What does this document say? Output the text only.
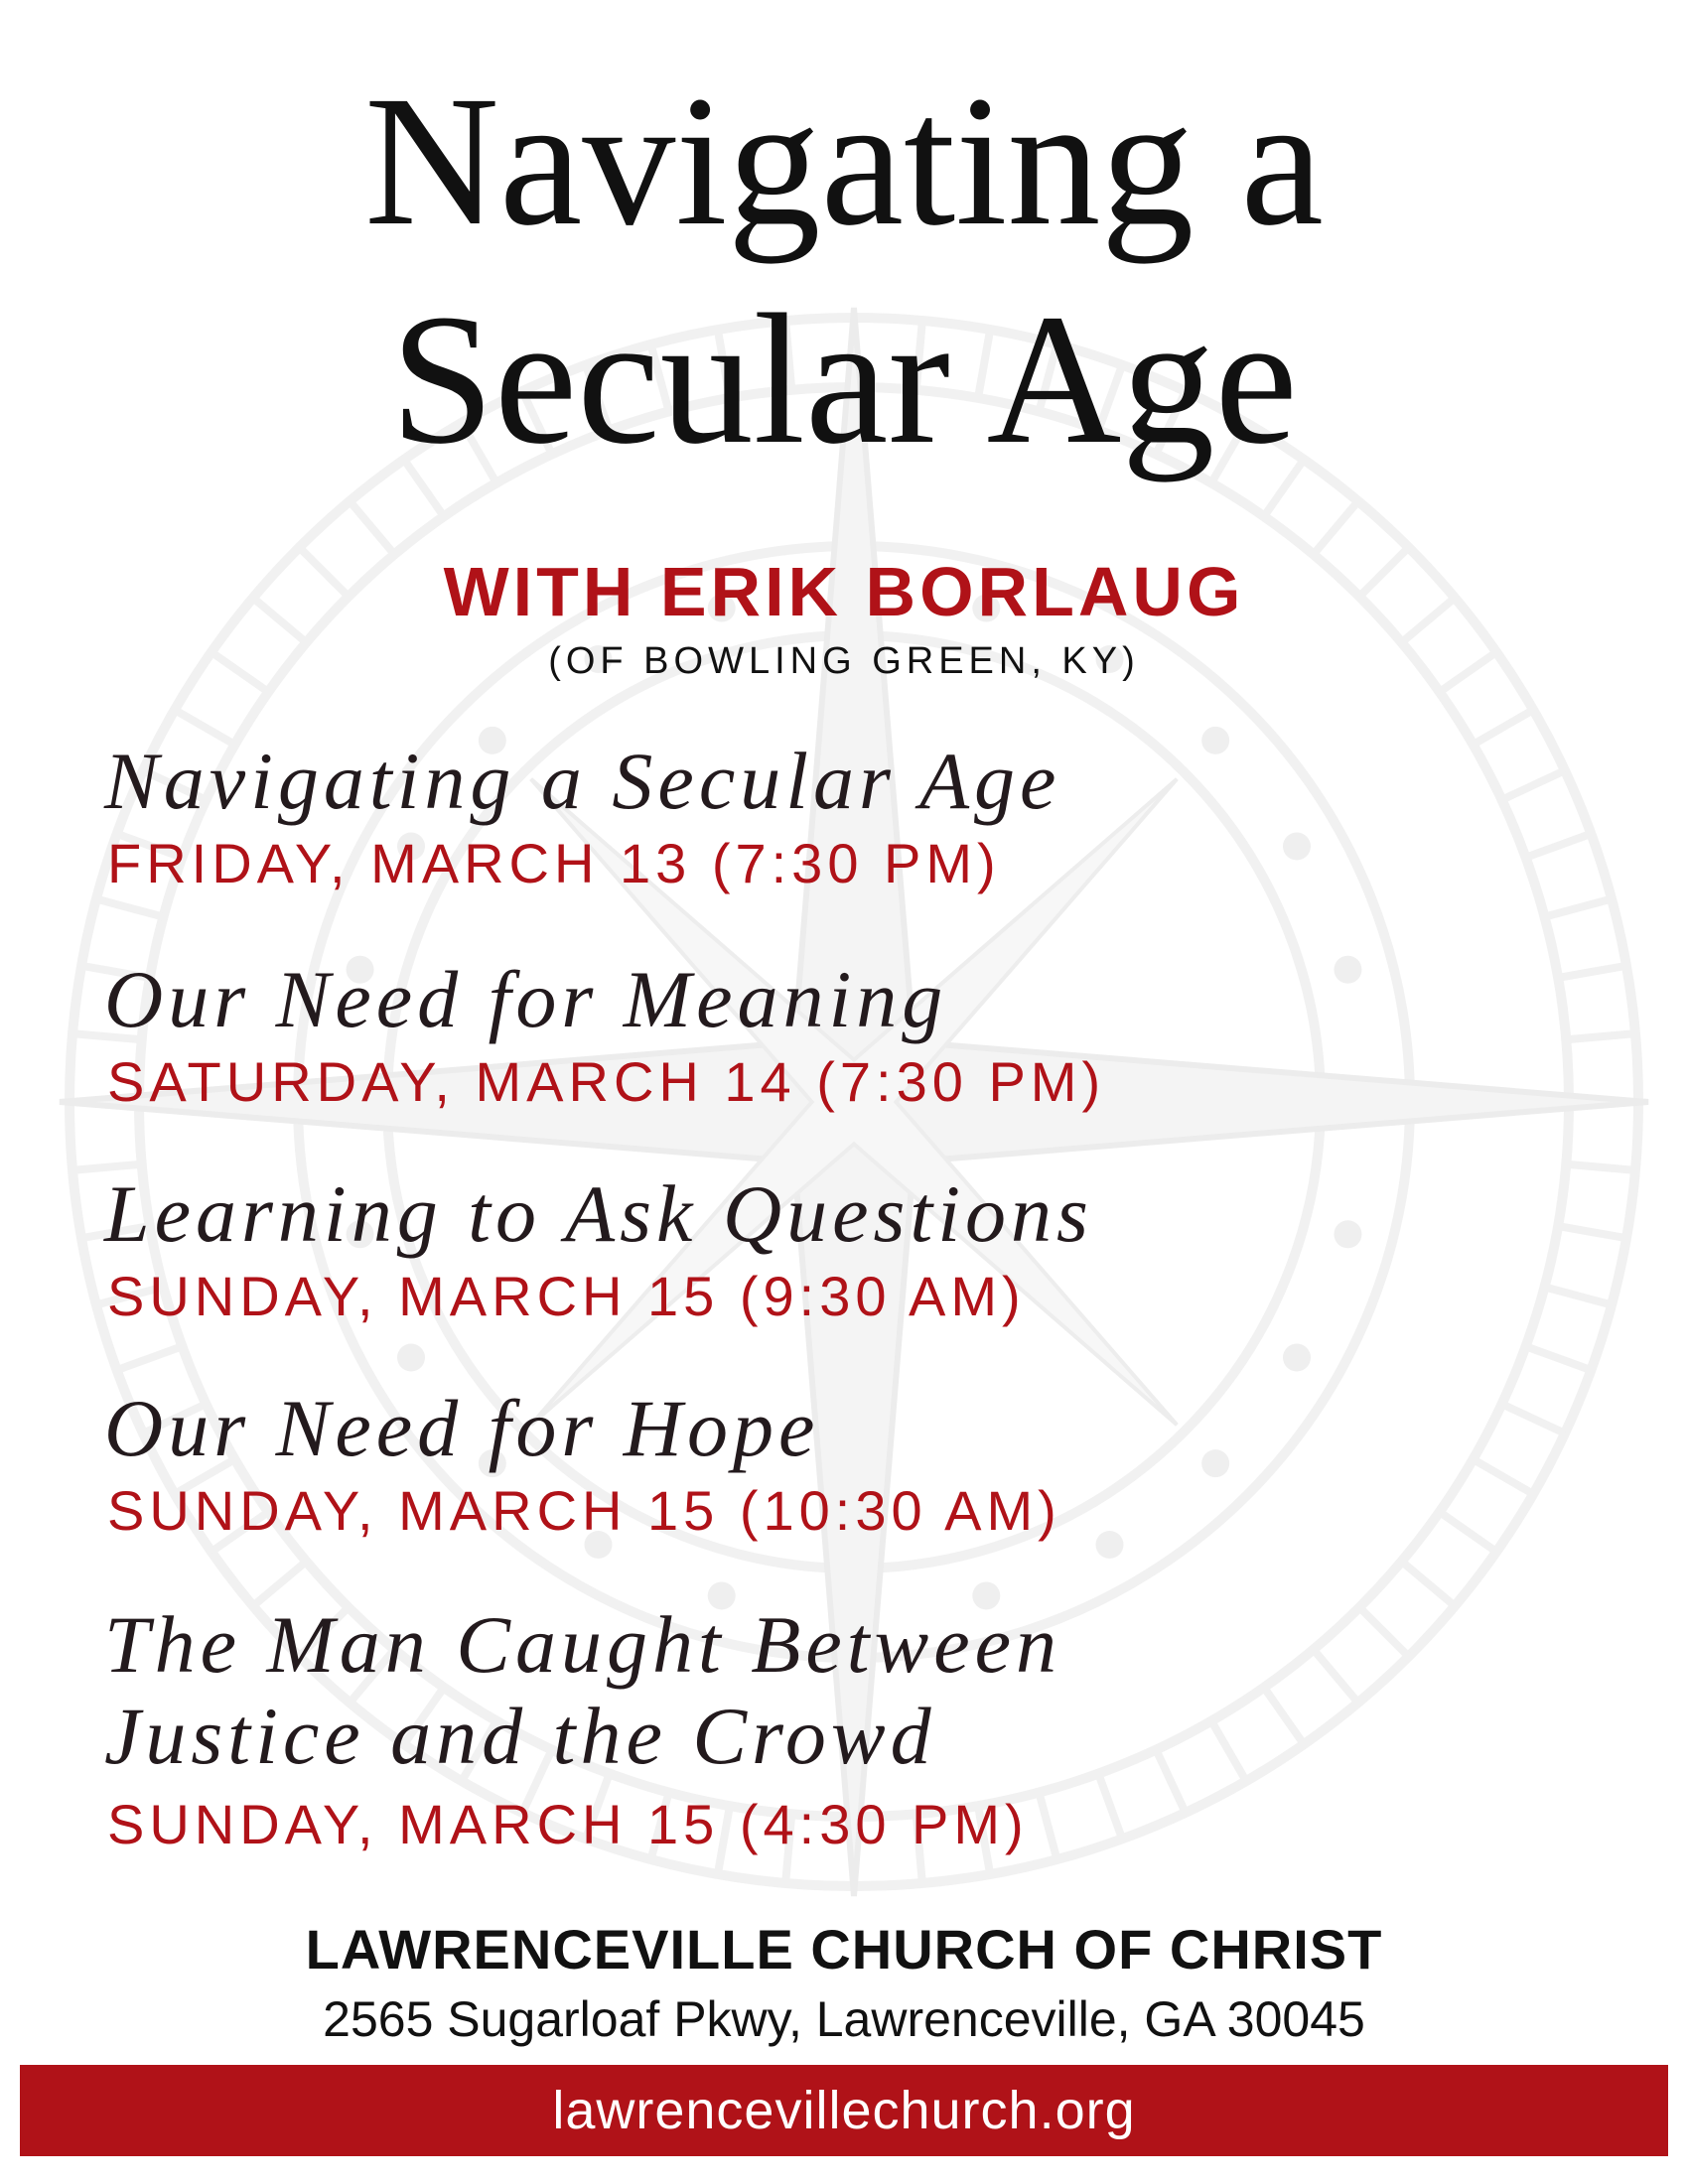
Navigating a
Secular Age
WITH ERIK BORLAUG
(OF BOWLING GREEN, KY)
Navigating a Secular Age
FRIDAY, MARCH 13 (7:30 PM)
Our Need for Meaning
SATURDAY, MARCH 14 (7:30 PM)
Learning to Ask Questions
SUNDAY, MARCH 15 (9:30 AM)
Our Need for Hope
SUNDAY, MARCH 15 (10:30 AM)
The Man Caught Between
Justice and the Crowd
SUNDAY, MARCH 15 (4:30 PM)
LAWRENCEVILLE CHURCH OF CHRIST
2565 Sugarloaf Pkwy, Lawrenceville, GA 30045
lawrencevillechurch.org
